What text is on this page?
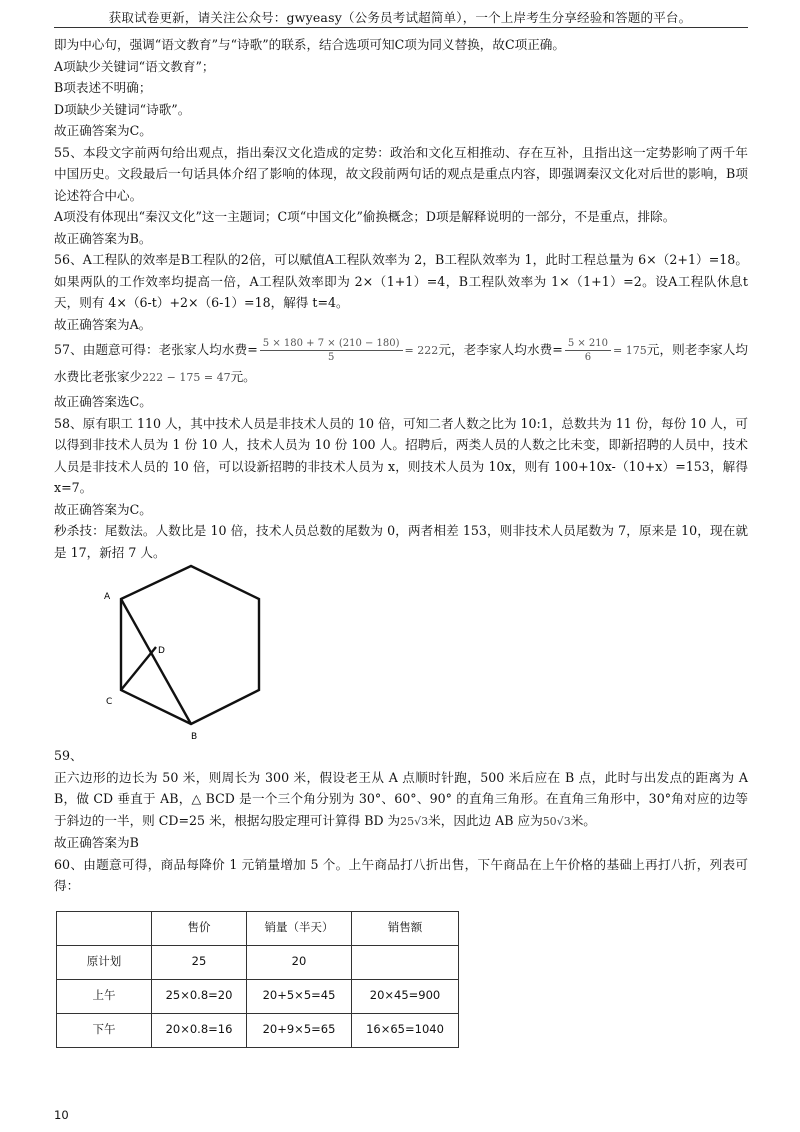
获取试卷更新，请关注公众号：gwyeasy（公务员考试超简单），一个上岸考生分享经验和答题的平台。

即为中心句，强调“语文教育”与“诗歌”的联系，结合选项可知C项为同义替换，故C项正确。

A项缺少关键词“语文教育”；

B项表述不明确；

D项缺少关键词“诗歌”。

故正确答案为C。

55、本段文字前两句给出观点，指出秦汉文化造成的定势：政治和文化互相推动、存在互补，且指出这一定势影响了两千年中国历史。文段最后一句话具体介绍了影响的体现，故文段前两句话的观点是重点内容，即强调秦汉文化对后世的影响，B项论述符合中心。

A项没有体现出“秦汉文化”这一主题词；C项“中国文化”偷换概念；D项是解释说明的一部分，不是重点，排除。

故正确答案为B。

56、A工程队的效率是B工程队的2倍，可以赋值A工程队效率为 2，B工程队效率为 1，此时工程总量为 6×（2+1）=18。如果两队的工作效率均提高一倍，A工程队效率即为 2×（1+1）=4，B工程队效率为 1×（1+1）=2。设A工程队休息t天，则有 4×（6-t）+2×（6-1）=18，解得 t=4。

故正确答案为A。

57、由题意可得：老张家人均水费= $\frac{5 \times 180 + 7 \times (210 - 180)}{5} = 222$元，老李家人均水费= $\frac{5 \times 210}{6} = 175$元，则老李家人均水费比老张家少222 − 175 = 47元。

故正确答案选C。

58、原有职工 110 人，其中技术人员是非技术人员的 10 倍，可知二者人数之比为 10:1，总数共为 11 份，每份 10 人，可以得到非技术人员为 1 份 10 人，技术人员为 10 份 100 人。招聘后，两类人员的人数之比未变，即新招聘的人员中，技术人员是非技术人员的 10 倍，可以设新招聘的非技术人员为 x，则技术人员为 10x，则有 100+10x-（10+x）=153，解得 x=7。

故正确答案为C。

秒杀技：尾数法。人数比是 10 倍，技术人员总数的尾数为 0，两者相差 153，则非技术人员尾数为 7，原来是 10，现在就是 17，新招 7 人。

A
C
D
B

59、

正六边形的边长为 50 米，则周长为 300 米，假设老王从 A 点顺时针跑，500 米后应在 B 点，此时与出发点的距离为 AB，做 CD 垂直于 AB，△ BCD 是一个三个角分别为 30°、60°、90° 的直角三角形。在直角三角形中，30°角对应的边等于斜边的一半，则 CD=25 米，根据勾股定理可计算得 BD 为25√3米，因此边 AB 应为50√3米。

故正确答案为B

60、由题意可得，商品每降价 1 元销量增加 5 个。上午商品打八折出售，下午商品在上午价格的基础上再打八折，列表可得：

	售价	销量（半天）	销售额
原计划	25	20	
上午	25×0.8=20	20+5×5=45	20×45=900
下午	20×0.8=16	20+9×5=65	16×65=1040
10
